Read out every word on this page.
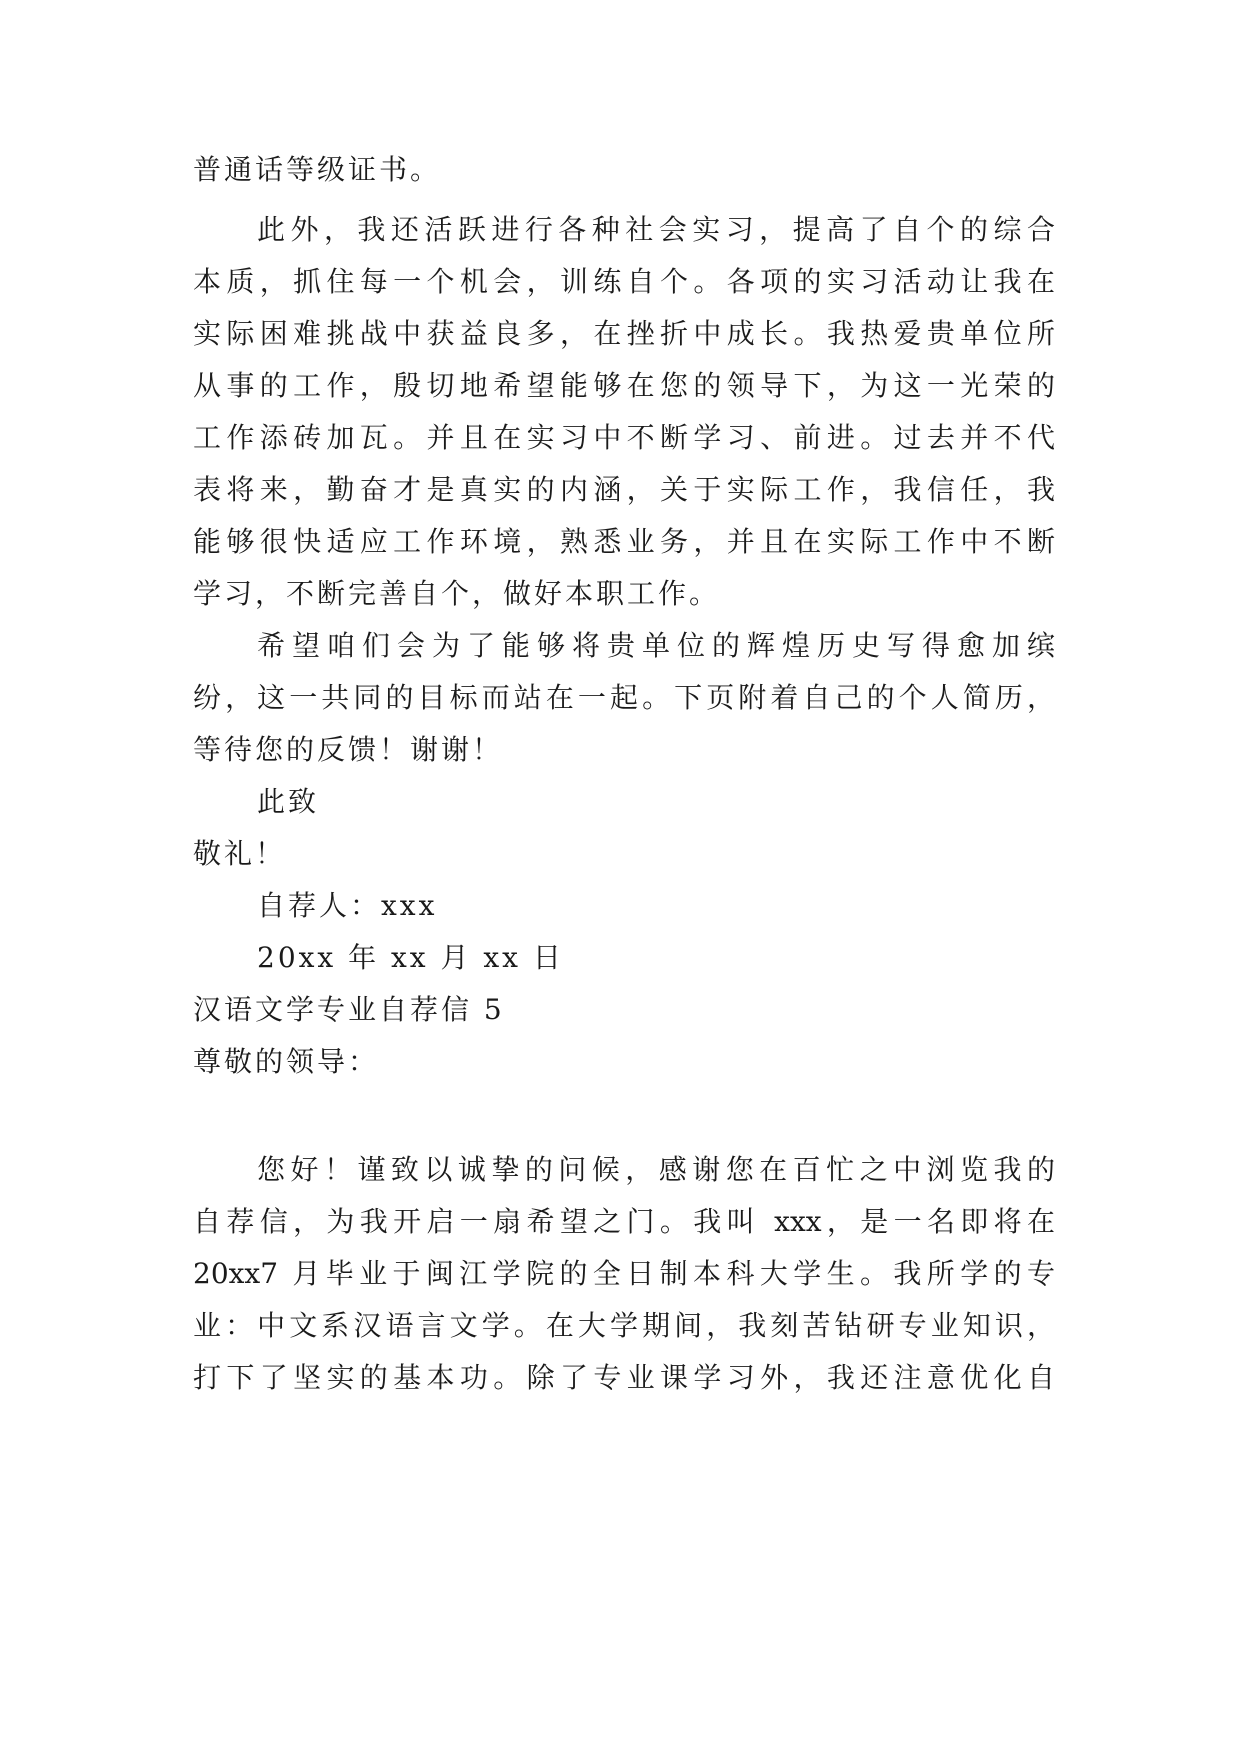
普通话等级证书。
此外，我还活跃进行各种社会实习，提高了自个的综合
本质，抓住每一个机会，训练自个。各项的实习活动让我在
实际困难挑战中获益良多，在挫折中成长。我热爱贵单位所
从事的工作，殷切地希望能够在您的领导下，为这一光荣的
工作添砖加瓦。并且在实习中不断学习、前进。过去并不代
表将来，勤奋才是真实的内涵，关于实际工作，我信任，我
能够很快适应工作环境，熟悉业务，并且在实际工作中不断
学习，不断完善自个，做好本职工作。
希望咱们会为了能够将贵单位的辉煌历史写得愈加缤
纷，这一共同的目标而站在一起。下页附着自己的个人简历，
等待您的反馈！谢谢！
此致
敬礼！
自荐人：xxx
20xx 年 xx 月 xx 日
汉语文学专业自荐信 5
尊敬的领导：
您好！谨致以诚挚的问候，感谢您在百忙之中浏览我的
自荐信，为我开启一扇希望之门。我叫 xxx，是一名即将在
20xx7 月毕业于闽江学院的全日制本科大学生。我所学的专
业：中文系汉语言文学。在大学期间，我刻苦钻研专业知识，
打下了坚实的基本功。除了专业课学习外，我还注意优化自
